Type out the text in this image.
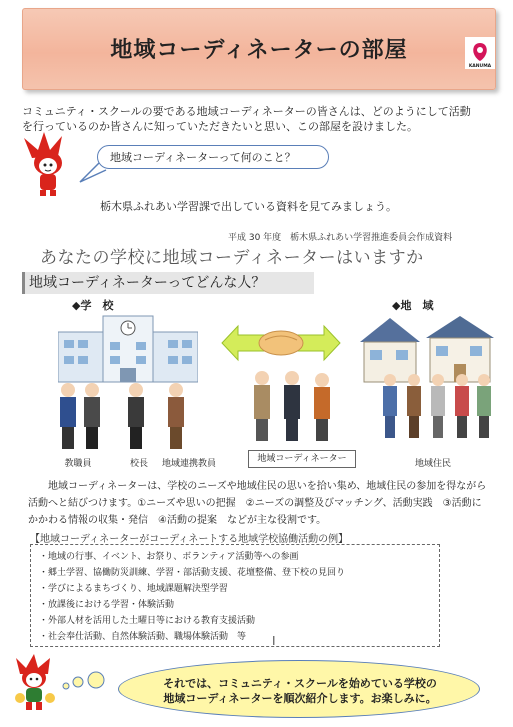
地域コーディネーターの部屋
KANUMA
コミュニティ・スクールの要である地域コーディネーターの皆さんは、どのようにして活動
を行っているのか皆さんに知っていただきたいと思い、この部屋を設けました。
地域コーディネーターって何のこと？
栃木県ふれあい学習課で出している資料を見てみましょう。
平成 30 年度　栃木県ふれあい学習推進委員会作成資料
あなたの学校に地域コーディネーターはいますか
地域コーディネーターってどんな人？
◆学　校	◆地　域
教職員	校長	地域連携教員	地域コーディネーター	地域住民
地域コーディネーターは、学校のニーズや地域住民の思いを拾い集め、地域住民の参加を得ながら活動へと結びつけます。①ニーズや思いの把握　②ニーズの調整及びマッチング、活動実践　③活動にかかわる情報の収集・発信　④活動の提案　などが主な役割です。
【地域コーディネーターがコーディネートする地域学校協働活動の例】
・地域の行事、イベント、お祭り、ボランティア活動等への参画
・郷土学習、協働防災訓練、学習・部活動支援、花壇整備、登下校の見回り
・学びによるまちづくり、地域課題解決型学習
・放課後における学習・体験活動
・外部人材を活用した土曜日等における教育支援活動
・社会奉仕活動、自然体験活動、職場体験活動　等 I
それでは、コミュニティ・スクールを始めている学校の
地域コーディネーターを順次紹介します。お楽しみに。
